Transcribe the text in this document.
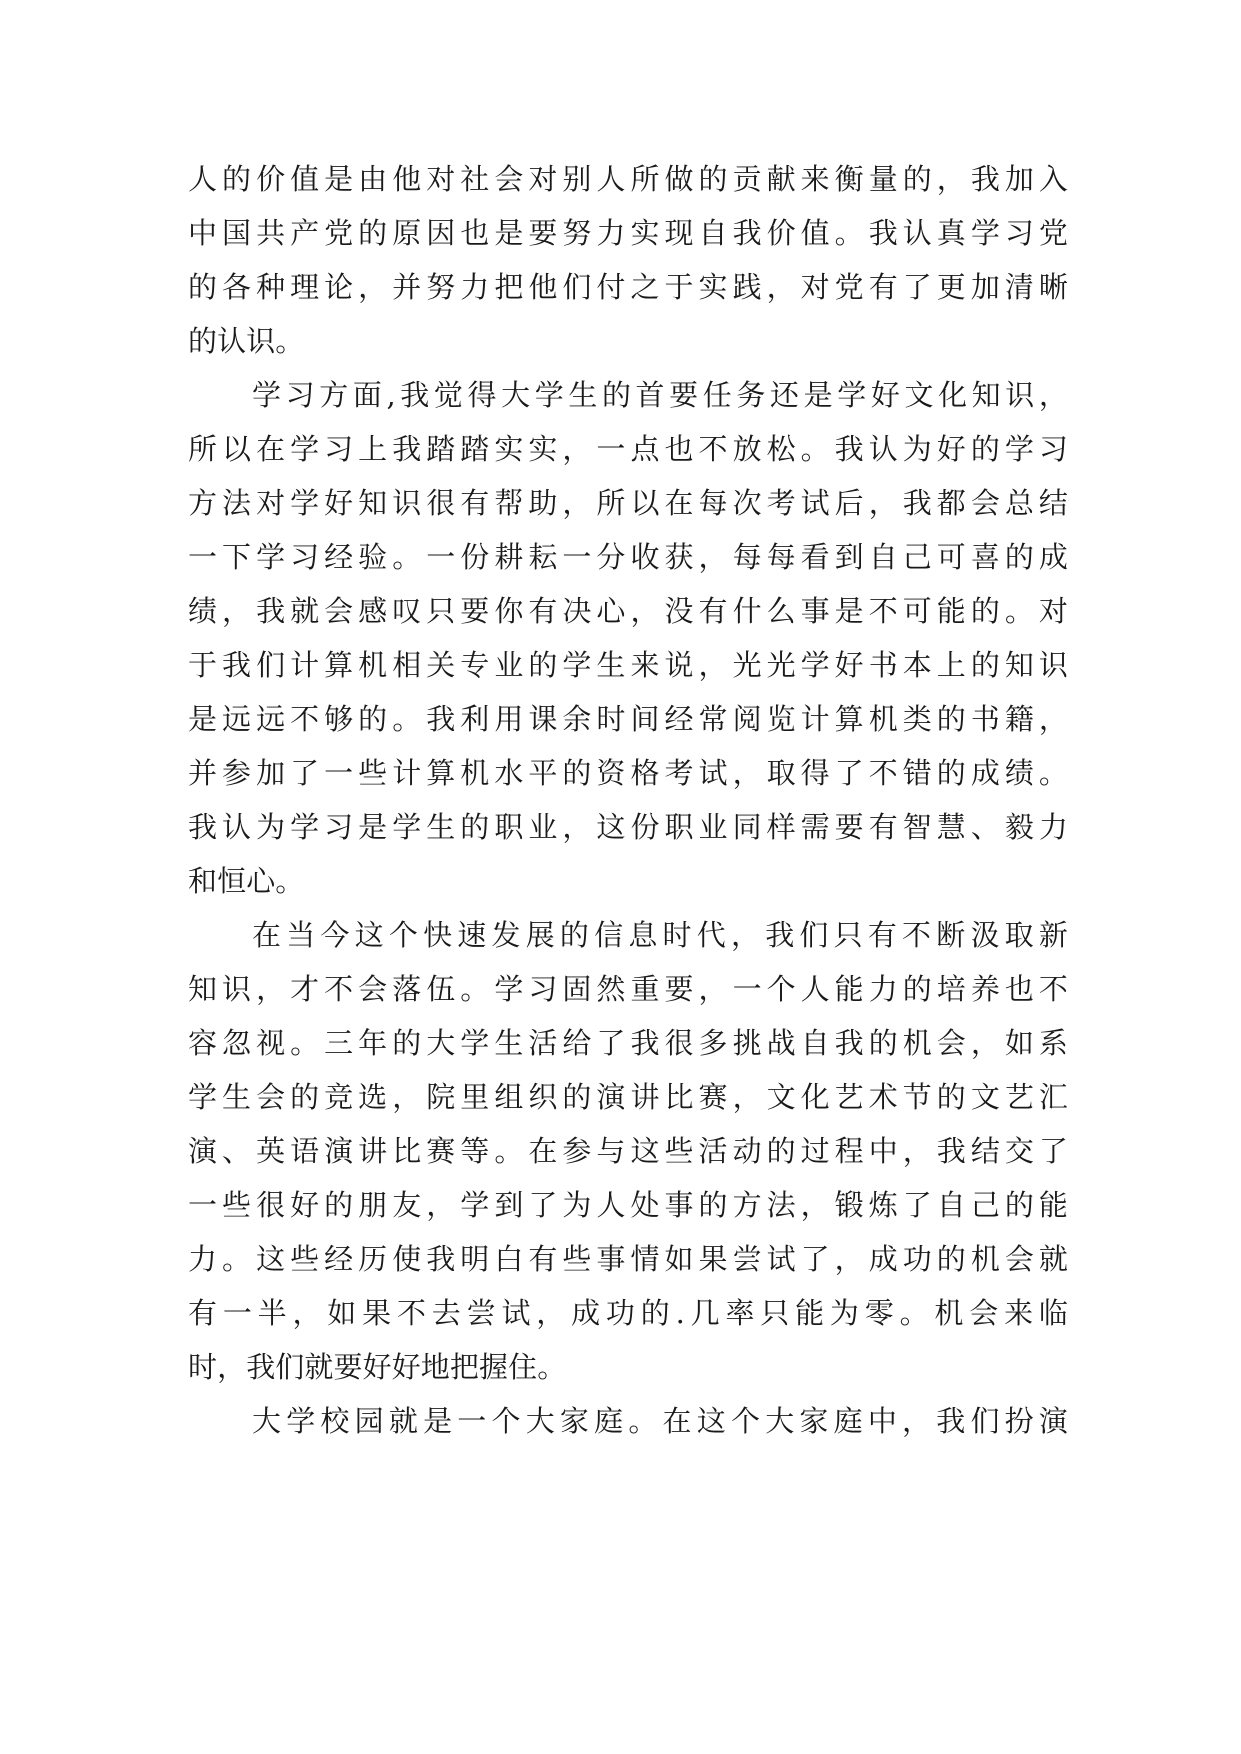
人的价值是由他对社会对别人所做的贡献来衡量的，我加入
中国共产党的原因也是要努力实现自我价值。我认真学习党
的各种理论，并努力把他们付之于实践，对党有了更加清晰
的认识。
学习方面,我觉得大学生的首要任务还是学好文化知识，
所以在学习上我踏踏实实，一点也不放松。我认为好的学习
方法对学好知识很有帮助，所以在每次考试后，我都会总结
一下学习经验。一份耕耘一分收获，每每看到自己可喜的成
绩，我就会感叹只要你有决心，没有什么事是不可能的。对
于我们计算机相关专业的学生来说，光光学好书本上的知识
是远远不够的。我利用课余时间经常阅览计算机类的书籍，
并参加了一些计算机水平的资格考试，取得了不错的成绩。
我认为学习是学生的职业，这份职业同样需要有智慧、毅力
和恒心。
在当今这个快速发展的信息时代，我们只有不断汲取新
知识，才不会落伍。学习固然重要，一个人能力的培养也不
容忽视。三年的大学生活给了我很多挑战自我的机会，如系
学生会的竞选，院里组织的演讲比赛，文化艺术节的文艺汇
演、英语演讲比赛等。在参与这些活动的过程中，我结交了
一些很好的朋友，学到了为人处事的方法，锻炼了自己的能
力。这些经历使我明白有些事情如果尝试了，成功的机会就
有一半，如果不去尝试，成功的.几率只能为零。机会来临
时，我们就要好好地把握住。
大学校园就是一个大家庭。在这个大家庭中，我们扮演
